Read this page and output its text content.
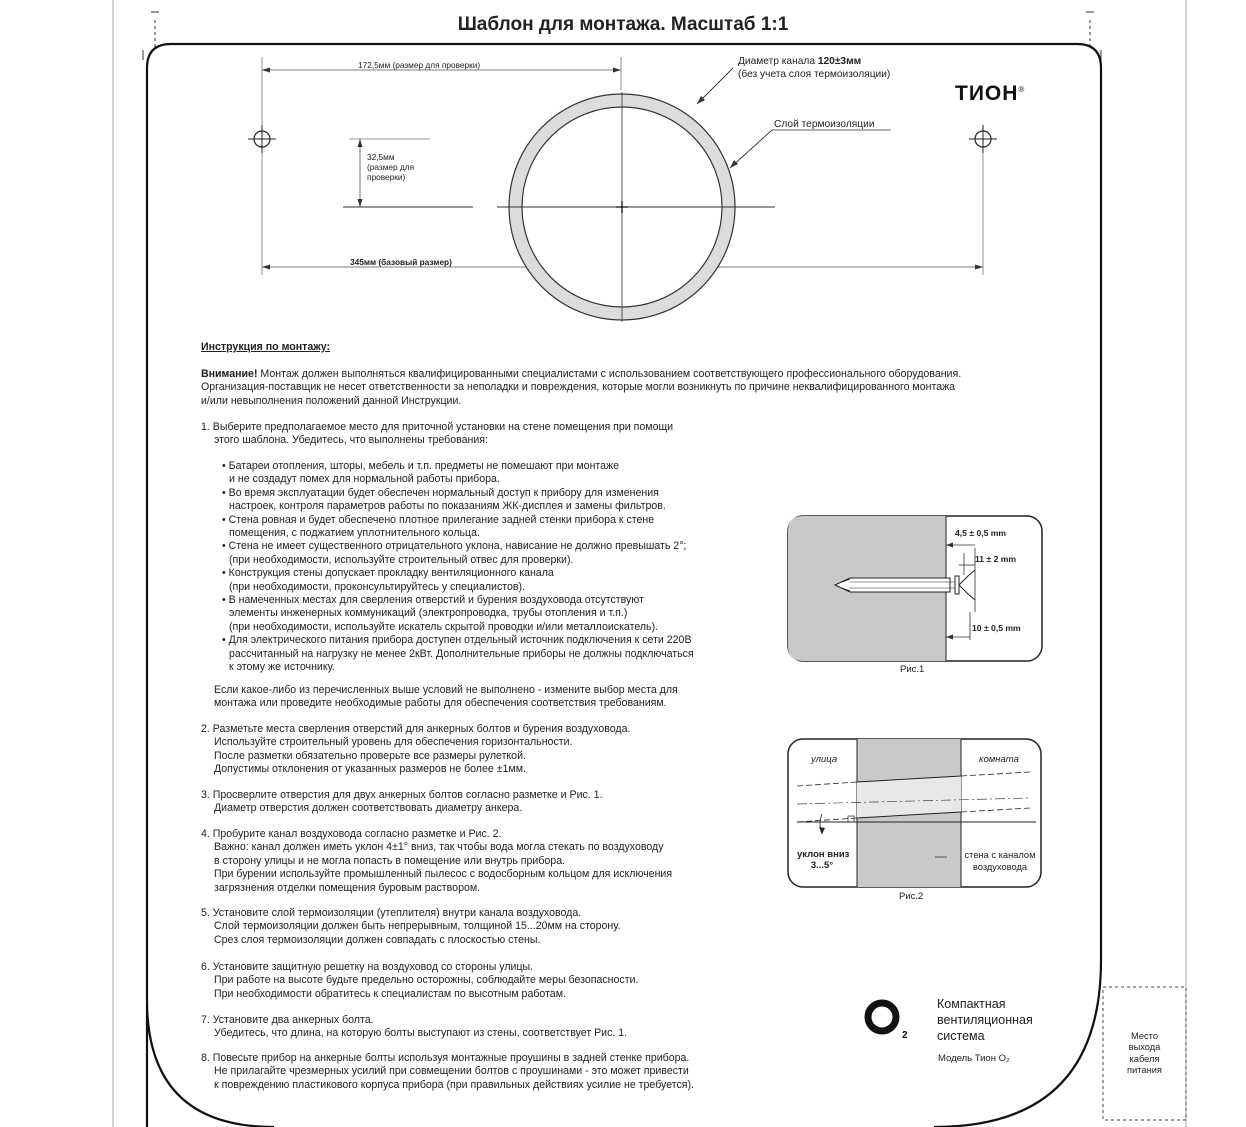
Шаблон для монтажа. Масштаб 1:1
ТИОН®
172,5мм (размер для проверки)
32,5мм
(размер для
проверки)
345мм (базовый размер)
Диаметр канала 120±3мм
(без учета слоя термоизоляции)
Слой термоизоляции
Инструкция по монтажу:
Внимание! Монтаж должен выполняться квалифицированными специалистами с использованием соответствующего профессионального оборудования.
Организация-поставщик не несет ответственности за неполадки и повреждения, которые могли возникнуть по причине неквалифицированного монтажа
и/или невыполнения положений данной Инструкции.
1. Выберите предполагаемое место для приточной установки на стене помещения при помощи
этого шаблона. Убедитесь, что выполнены требования:
• Батареи отопления, шторы, мебель и т.п. предметы не помешают при монтаже
и не создадут помех для нормальной работы прибора.
• Во время эксплуатации будет обеспечен нормальный доступ к прибору для изменения
настроек, контроля параметров работы по показаниям ЖК-дисплея и замены фильтров.
• Стена ровная и будет обеспечено плотное прилегание задней стенки прибора к стене
помещения, с поджатием уплотнительного кольца.
• Стена не имеет существенного отрицательного уклона, нависание не должно превышать 2°;
(при необходимости, используйте строительный отвес для проверки).
• Конструкция стены допускает прокладку вентиляционного канала
(при необходимости, проконсультируйтесь у специалистов).
• В намеченных местах для сверления отверстий и бурения воздуховода отсутствуют
элементы инженерных коммуникаций (электропроводка, трубы отопления и т.п.)
(при необходимости, используйте искатель скрытой проводки и/или металлоискатель).
• Для электрического питания прибора доступен отдельный источник подключения к сети 220В
рассчитанный на нагрузку не менее 2кВт. Дополнительные приборы не должны подключаться
к этому же источнику.
Если какое-либо из перечисленных выше условий не выполнено - измените выбор места для
монтажа или проведите необходимые работы для обеспечения соответствия требованиям.
2. Разметьте места сверления отверстий для анкерных болтов и бурения воздуховода.
Используйте строительный уровень для обеспечения горизонтальности.
После разметки обязательно проверьте все размеры рулеткой.
Допустимы отклонения от указанных размеров не более ±1мм.
3. Просверлите отверстия для двух анкерных болтов согласно разметке и Рис. 1.
Диаметр отверстия должен соответствовать диаметру анкера.
4. Пробурите канал воздуховода согласно разметке и Рис. 2.
Важно: канал должен иметь уклон 4±1° вниз, так чтобы вода могла стекать по воздуховоду
в сторону улицы и не могла попасть в помещение или внутрь прибора.
При бурении используйте промышленный пылесос с водосборным кольцом для исключения
загрязнения отделки помещения буровым раствором.
5. Установите слой термоизоляции (утеплителя) внутри канала воздуховода.
Слой термоизоляции должен быть непрерывным, толщиной 15...20мм на сторону.
Срез слоя термоизоляции должен совпадать с плоскостью стены.
6. Установите защитную решетку на воздуховод со стороны улицы.
При работе на высоте будьте предельно осторожны, соблюдайте меры безопасности.
При необходимости обратитесь к специалистам по высотным работам.
7. Установите два анкерных болта.
Убедитесь, что длина, на которую болты выступают из стены, соответствует Рис. 1.
8. Повесьте прибор на анкерные болты используя монтажные проушины в задней стенке прибора.
Не прилагайте чрезмерных усилий при совмещении болтов с проушинами - это может привести
к повреждению пластикового корпуса прибора (при правильных действиях усилие не требуется).
4,5 ± 0,5 mm
11 ± 2 mm
10 ± 0,5 mm
Рис.1
улица	комната
уклон вниз
3...5°
стена с каналом
воздуховода
Рис.2
2
Компактная
вентиляционная
система
Модель Тион O₂
Место
выхода
кабеля
питания
